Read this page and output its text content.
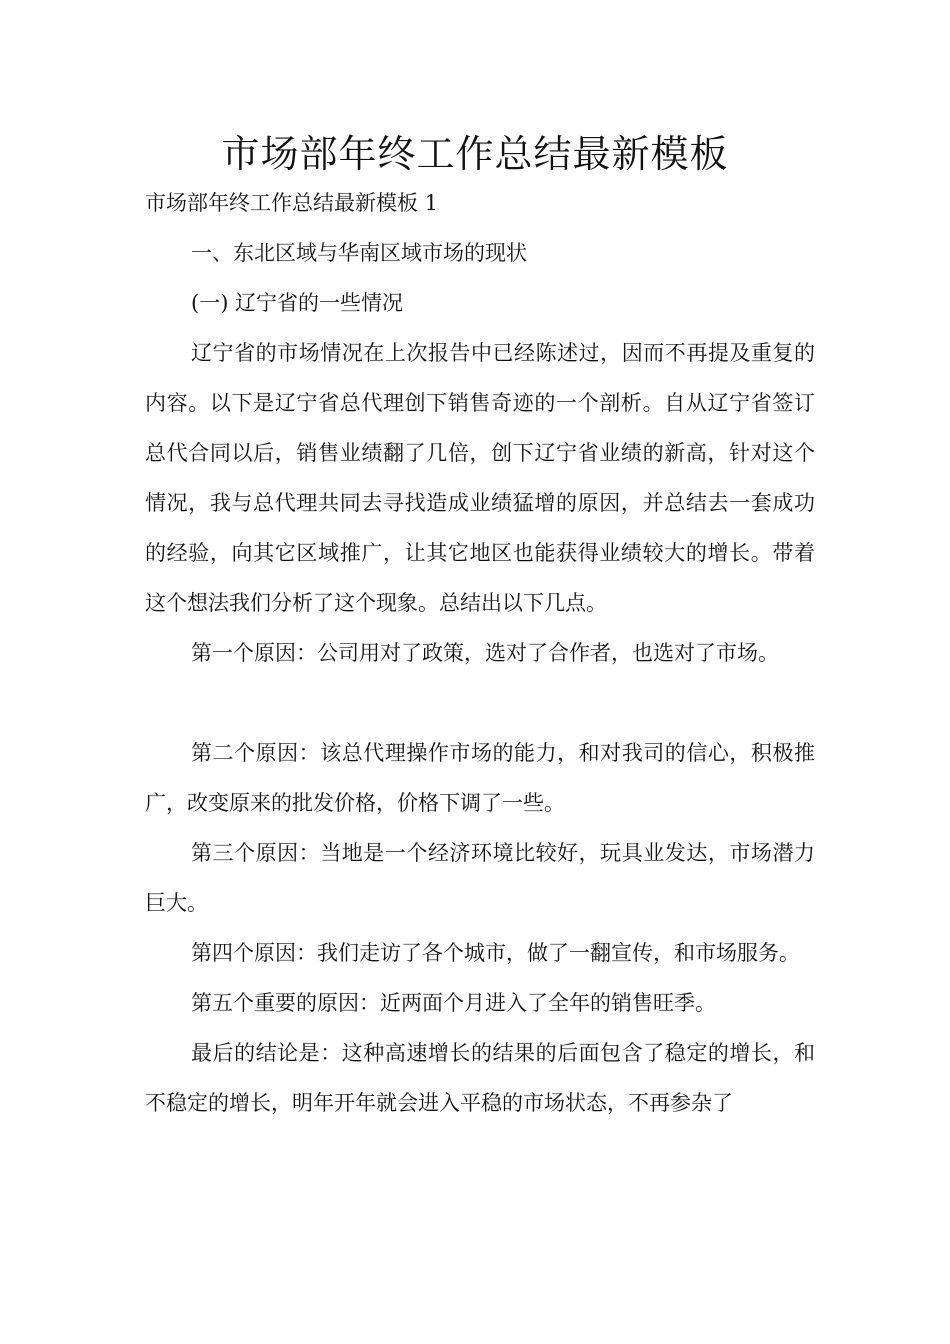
市场部年终工作总结最新模板

市场部年终工作总结最新模板 1

一、东北区域与华南区域市场的现状

(一) 辽宁省的一些情况

辽宁省的市场情况在上次报告中已经陈述过，因而不再提及重复的内容。以下是辽宁省总代理创下销售奇迹的一个剖析。自从辽宁省签订总代合同以后，销售业绩翻了几倍，创下辽宁省业绩的新高，针对这个情况，我与总代理共同去寻找造成业绩猛增的原因，并总结去一套成功的经验，向其它区域推广，让其它地区也能获得业绩较大的增长。带着这个想法我们分析了这个现象。总结出以下几点。

第一个原因：公司用对了政策，选对了合作者，也选对了市场。

第二个原因：该总代理操作市场的能力，和对我司的信心，积极推广，改变原来的批发价格，价格下调了一些。

第三个原因：当地是一个经济环境比较好，玩具业发达，市场潜力巨大。

第四个原因：我们走访了各个城市，做了一翻宣传，和市场服务。

第五个重要的原因：近两面个月进入了全年的销售旺季。

最后的结论是：这种高速增长的结果的后面包含了稳定的增长，和不稳定的增长，明年开年就会进入平稳的市场状态，不再参杂了
